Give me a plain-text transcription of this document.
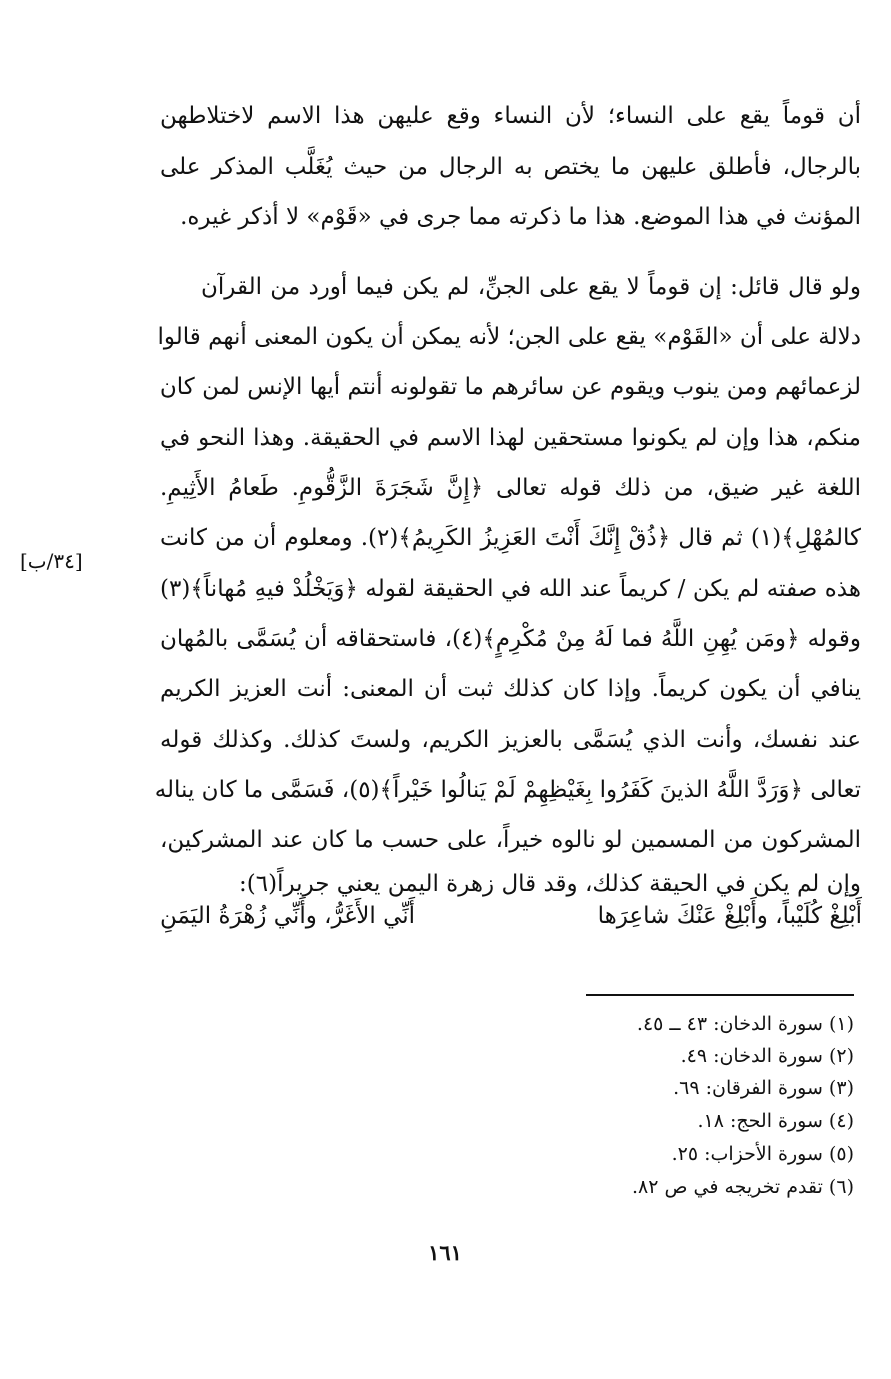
أن قوماً يقع على النساء؛ لأن النساء وقع عليهن هذا الاسم لاختلاطهن
بالرجال، فأطلق عليهن ما يختص به الرجال من حيث يُغَلَّب المذكر على
المؤنث في هذا الموضع. هذا ما ذكرته مما جرى في «قَوْم» لا أذكر غيره.
ولو قال قائل: إن قوماً لا يقع على الجنِّ، لم يكن فيما أورد من القرآن
دلالة على أن «القَوْم» يقع على الجن؛ لأنه يمكن أن يكون المعنى أنهم قالوا
لزعمائهم ومن ينوب ويقوم عن سائرهم ما تقولونه أنتم أيها الإنس لمن كان
منكم، هذا وإن لم يكونوا مستحقين لهذا الاسم في الحقيقة. وهذا النحو في
اللغة غير ضيق، من ذلك قوله تعالى ﴿إِنَّ شَجَرَةَ الزَّقُّومِ. طَعامُ الأَثِيمِ.
كالمُهْلِ﴾(١) ثم قال ﴿ذُقْ إِنَّكَ أَنْتَ العَزِيزُ الكَرِيمُ﴾(٢). ومعلوم أن من كانت
هذه صفته لم يكن / كريماً عند الله في الحقيقة لقوله ﴿وَيَخْلُدْ فيهِ مُهاناً﴾(٣)
وقوله ﴿ومَن يُهِنِ اللَّهُ فما لَهُ مِنْ مُكْرِمٍ﴾(٤)، فاستحقاقه أن يُسَمَّى بالمُهان
ينافي أن يكون كريماً. وإذا كان كذلك ثبت أن المعنى: أنت العزيز الكريم
عند نفسك، وأنت الذي يُسَمَّى بالعزيز الكريم، ولستَ كذلك. وكذلك قوله
تعالى ﴿وَرَدَّ اللَّهُ الذينَ كَفَرُوا بِغَيْظِهِمْ لَمْ يَنالُوا خَيْراً﴾(٥)، فَسَمَّى ما كان يناله
المشركون من المسمين لو نالوه خيراً، على حسب ما كان عند المشركين،
وإن لم يكن في الحيقة كذلك، وقد قال زهرة اليمن يعني جريراً(٦):
[٣٤/ب]
أَبْلِغْ كُلَيْباً، وأَبْلِغْ عَنْكَ شاعِرَها
أَنِّي الأَغَرُّ، وأَنِّي زُهْرَةُ اليَمَنِ
(١) سورة الدخان: ٤٣ ــ ٤٥.
(٢) سورة الدخان: ٤٩.
(٣) سورة الفرقان: ٦٩.
(٤) سورة الحج: ١٨.
(٥) سورة الأحزاب: ٢٥.
(٦) تقدم تخريجه في ص ٨٢.
١٦١
